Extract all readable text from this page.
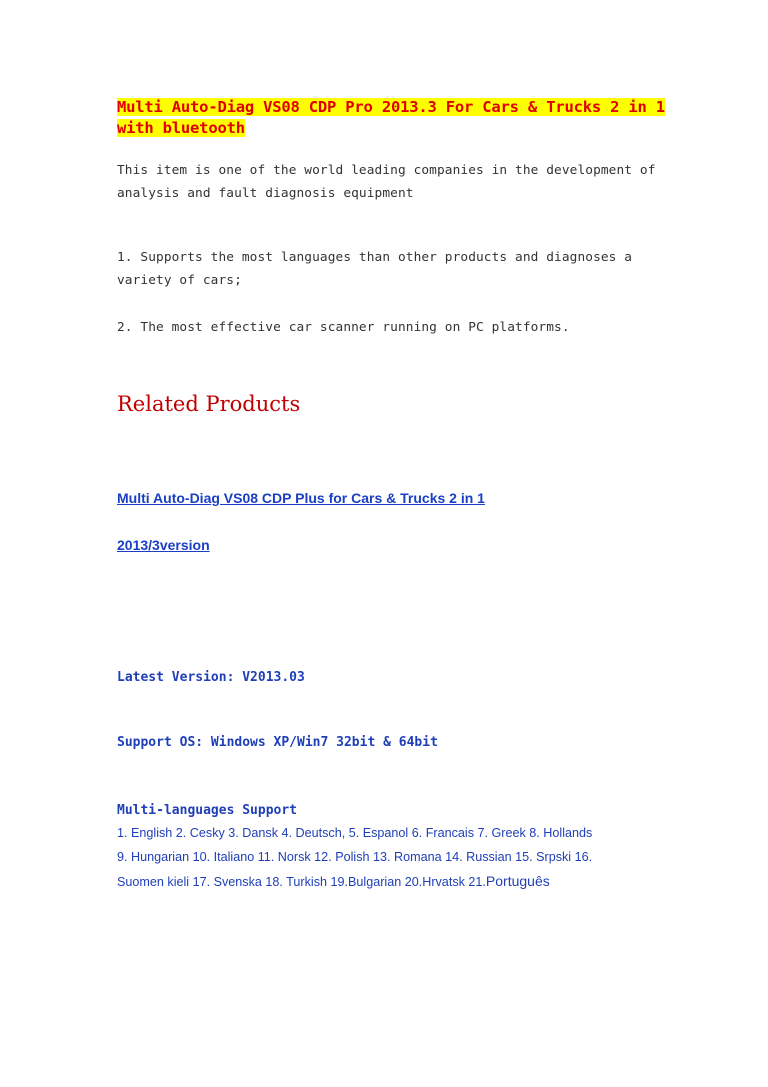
Multi Auto-Diag VS08 CDP Pro 2013.3 For Cars & Trucks 2 in 1
with bluetooth
This item is one of the world leading companies in the development of
analysis and fault diagnosis equipment
1. Supports the most languages than other products and diagnoses a
variety of cars;
2. The most effective car scanner running on PC platforms.
Related Products
Multi Auto-Diag VS08 CDP Plus for Cars & Trucks 2 in 1
2013/3version
Latest Version: V2013.03
Support OS: Windows XP/Win7 32bit & 64bit
Multi-languages Support
1. English 2. Cesky 3. Dansk 4. Deutsch, 5. Espanol 6. Francais 7. Greek 8. Hollands
9. Hungarian 10. Italiano 11. Norsk 12. Polish 13. Romana 14. Russian 15. Srpski 16.
Suomen kieli 17. Svenska 18. Turkish 19.Bulgarian 20.Hrvatsk 21.Português
